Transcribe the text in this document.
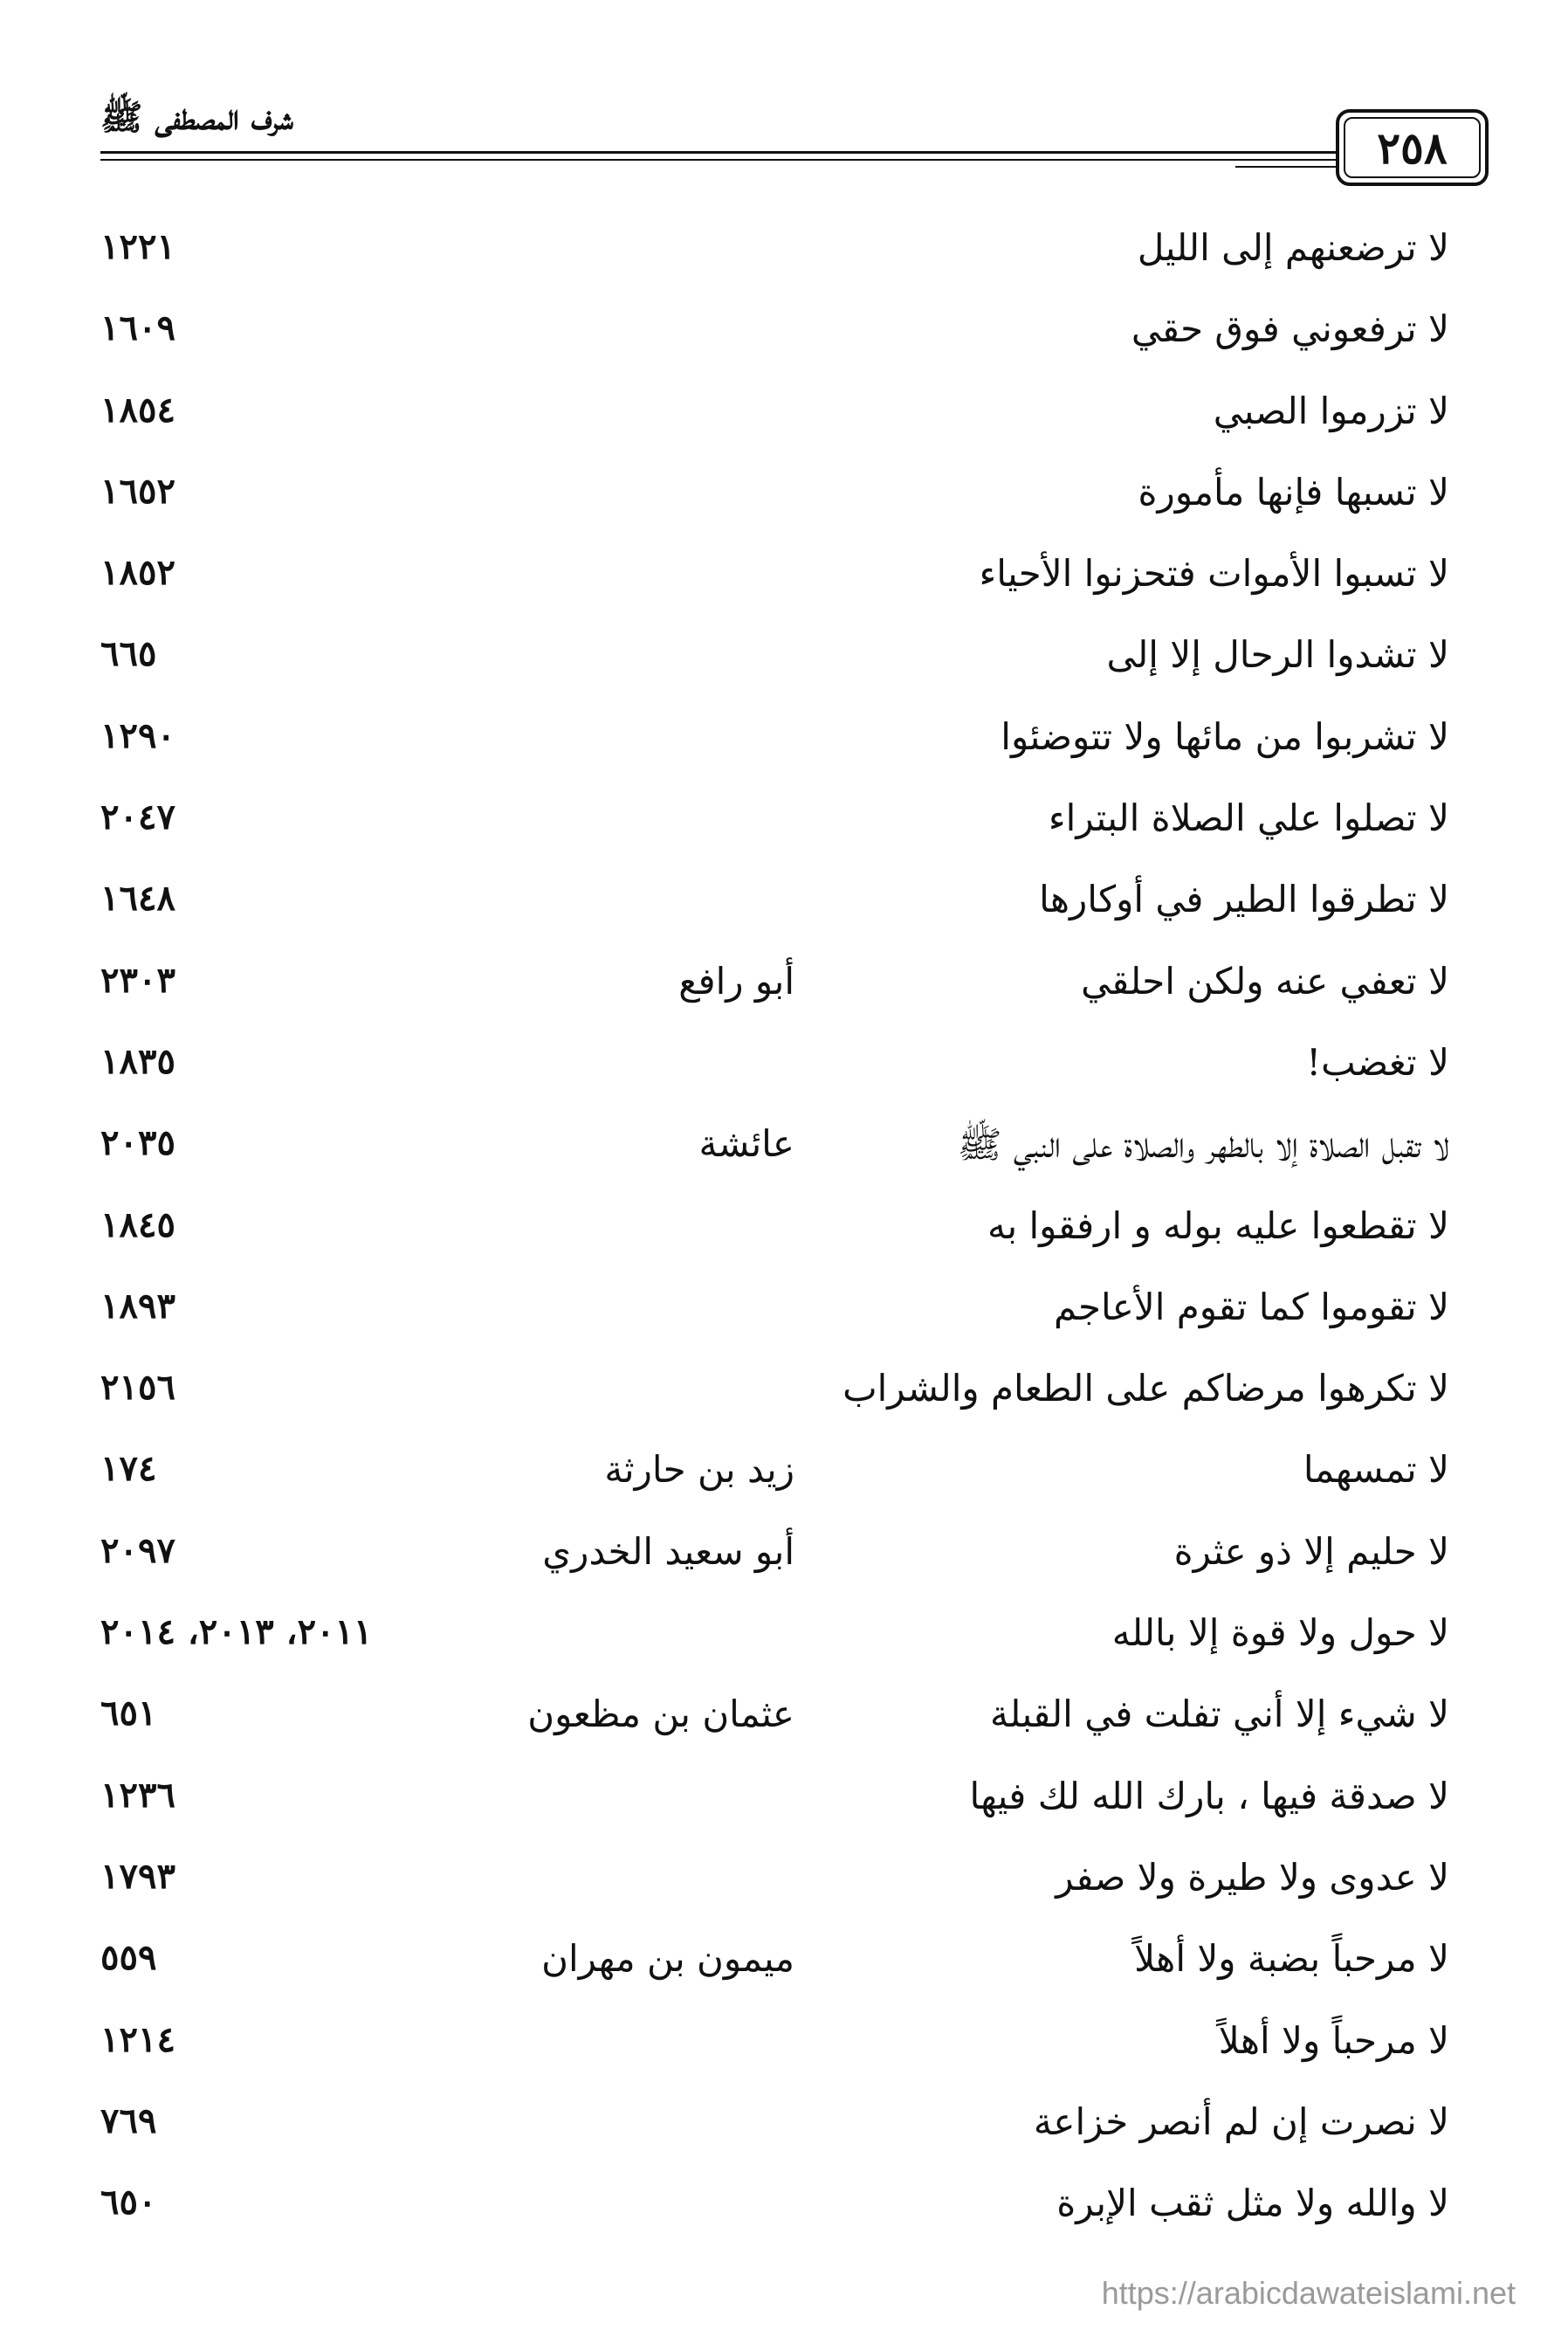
شرف المصطفى ﷺ
٢٥٨
لا ترضعنهم إلى الليل
١٢٢١
لا ترفعوني فوق حقي
١٦٠٩
لا تزرموا الصبي
١٨٥٤
لا تسبها فإنها مأمورة
١٦٥٢
لا تسبوا الأموات فتحزنوا الأحياء
١٨٥٢
لا تشدوا الرحال إلا إلى
٦٦٥
لا تشربوا من مائها ولا تتوضئوا
١٢٩٠
لا تصلوا علي الصلاة البتراء
٢٠٤٧
لا تطرقوا الطير في أوكارها
١٦٤٨
لا تعفي عنه ولكن احلقي
أبو رافع
٢٣٠٣
لا تغضب!
١٨٣٥
لا تقبل الصلاة إلا بالطهر والصلاة على النبي ﷺ
عائشة
٢٠٣٥
لا تقطعوا عليه بوله و ارفقوا به
١٨٤٥
لا تقوموا كما تقوم الأعاجم
١٨٩٣
لا تكرهوا مرضاكم على الطعام والشراب
٢١٥٦
لا تمسهما
زيد بن حارثة
١٧٤
لا حليم إلا ذو عثرة
أبو سعيد الخدري
٢٠٩٧
لا حول ولا قوة إلا بالله
٢٠١١، ٢٠١٣، ٢٠١٤
لا شيء إلا أني تفلت في القبلة
عثمان بن مظعون
٦٥١
لا صدقة فيها ، بارك الله لك فيها
١٢٣٦
لا عدوى ولا طيرة ولا صفر
١٧٩٣
لا مرحباً بضبة ولا أهلاً
ميمون بن مهران
٥٥٩
لا مرحباً ولا أهلاً
١٢١٤
لا نصرت إن لم أنصر خزاعة
٧٦٩
لا والله ولا مثل ثقب الإبرة
٦٥٠
https://arabicdawateislami.net
